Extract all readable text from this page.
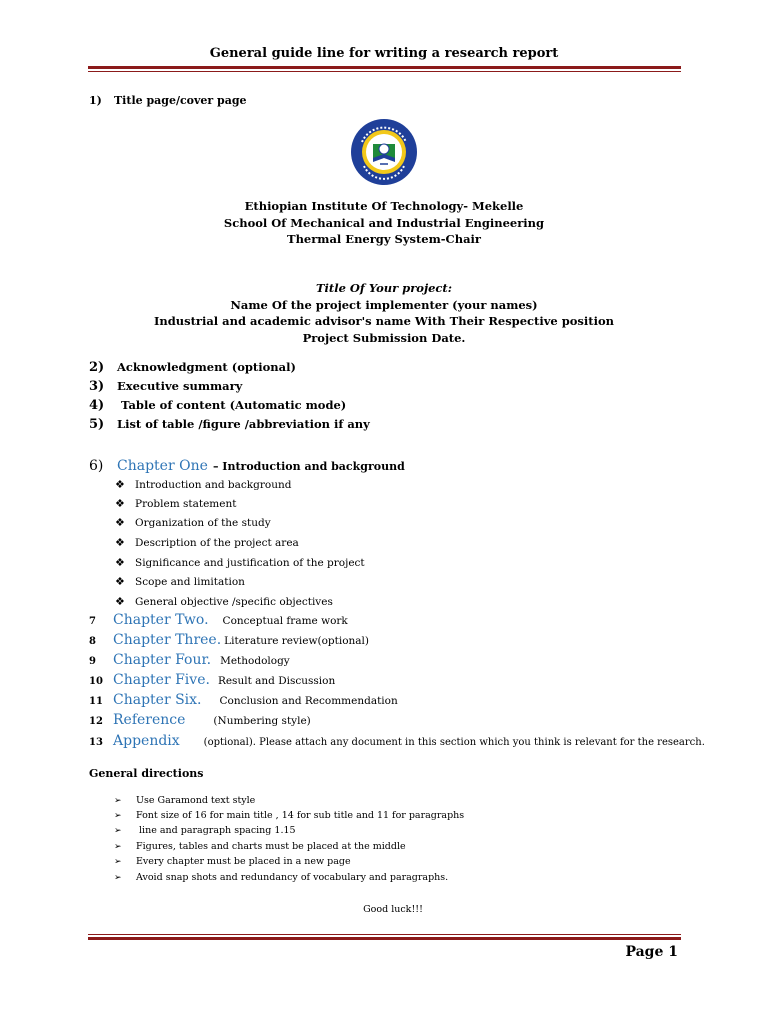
General guide line for writing a research report
1) Title page/cover page
Ethiopian Institute Of Technology- Mekelle
School Of Mechanical and Industrial Engineering
Thermal Energy System-Chair
Title Of Your project:
Name Of the project implementer (your names)
Industrial and academic advisor's name With Their Respective position
Project Submission Date.
2) Acknowledgment (optional)
3) Executive summary
4) Table of content (Automatic mode)
5) List of table /figure /abbreviation if any
6) Chapter One – Introduction and background
❖ Introduction and background
❖ Problem statement
❖ Organization of the study
❖ Description of the project area
❖ Significance and justification of the project
❖ Scope and limitation
❖ General objective /specific objectives
7 Chapter Two. Conceptual frame work
8 Chapter Three. Literature review(optional)
9 Chapter Four. Methodology
10 Chapter Five. Result and Discussion
11 Chapter Six. Conclusion and Recommendation
12 Reference	(Numbering style)
13 Appendix (optional). Please attach any document in this section which you think is relevant for the research.
General directions
➢ Use Garamond text style
➢ Font size of 16 for main title , 14 for sub title and 11 for paragraphs
➢ line and paragraph spacing 1.15
➢ Figures, tables and charts must be placed at the middle
➢ Every chapter must be placed in a new page
➢ Avoid snap shots and redundancy of vocabulary and paragraphs.
Good luck!!!
Page 1
